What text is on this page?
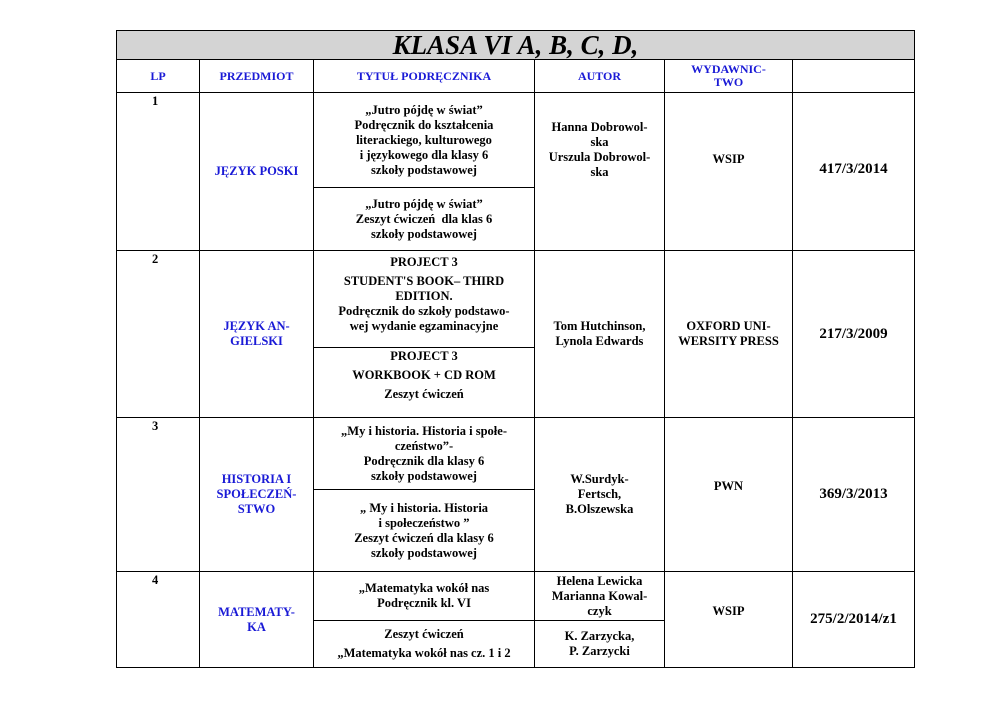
KLASA VI A, B, C, D,					
LP	PRZEDMIOT	TYTUŁ PODRĘCZNIKA	AUTOR	WYDAWNIC-
TWO	

1	JĘZYK POSKI	„Jutro pójdę w świat”
Podręcznik do kształcenia
literackiego, kulturowego
i językowego dla klasy 6
szkoły podstawowej	Hanna Dobrowol-
ska
Urszula Dobrowol-
ska	WSIP	417/3/2014

		„Jutro pójdę w świat”
Zeszyt ćwiczeń  dla klas 6
szkoły podstawowej			

2	JĘZYK AN-
GIELSKI	PROJECT 3
STUDENT'S BOOK– THIRD
EDITION.
Podręcznik do szkoły podstawo-
wej wydanie egzaminacyjne	Tom Hutchinson,
Lynola Edwards	OXFORD UNI-
WERSITY PRESS	217/3/2009

		PROJECT 3
WORKBOOK + CD ROM
Zeszyt ćwiczeń			

3	HISTORIA I
SPOŁECZEŃ-
STWO	„My i historia. Historia i społe-
czeństwo”-
Podręcznik dla klasy 6
szkoły podstawowej	W.Surdyk-
Fertsch,
B.Olszewska	PWN	369/3/2013

		„ My i historia. Historia
i społeczeństwo ”
Zeszyt ćwiczeń dla klasy 6
szkoły podstawowej			

4	MATEMATY-
KA	„Matematyka wokół nas
Podręcznik kl. VI	Helena Lewicka
Marianna Kowal-
czyk	WSIP	275/2/2014/z1

		Zeszyt ćwiczeń
„Matematyka wokół nas cz. 1 i 2	K. Zarzycka,
P. Zarzycki		
